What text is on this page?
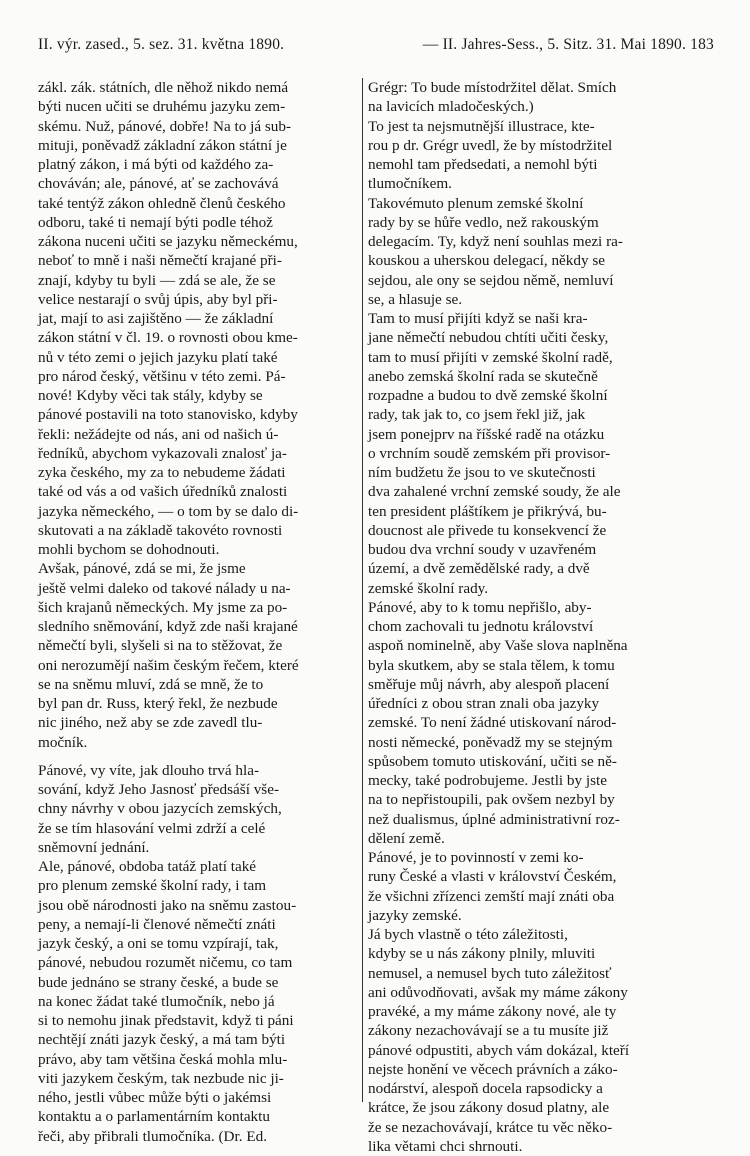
II. výr. zased., 5. sez. 31. května 1890.	— II. Jahres-Sess., 5. Sitz. 31. Mai 1890. 183
zákl. zák. státních, dle něhož nikdo nemá
býti nucen učiti se druhému jazyku zem-
skému. Nuž, pánové, dobře! Na to já sub-
mituji, poněvadž základní zákon státní je
platný zákon, i má býti od každého za-
chováván; ale, pánové, ať se zachovává
také tentýž zákon ohledně členů českého
odboru, také ti nemají býti podle téhož
zákona nuceni učiti se jazyku německému,
neboť to mně i naši němečtí krajané při-
znají, kdyby tu byli — zdá se ale, že se
velice nestarají o svůj úpis, aby byl při-
jat, mají to asi zajištěno — že základní
zákon státní v čl. 19. o rovnosti obou kme-
nů v této zemi o jejich jazyku platí také
pro národ český, většinu v této zemi. Pá-
nové! Kdyby věci tak stály, kdyby se
pánové postavili na toto stanovisko, kdyby
řekli: nežádejte od nás, ani od našich ú-
ředníků, abychom vykazovali znalosť ja-
zyka českého, my za to nebudeme žádati
také od vás a od vašich úředníků znalosti
jazyka německého, — o tom by se dalo di-
skutovati a na základě takovéto rovnosti
mohli bychom se dohodnouti.
Avšak, pánové, zdá se mi, že jsme
ještě velmi daleko od takové nálady u na-
šich krajanů německých. My jsme za po-
sledního sněmování, když zde naši krajané
němečtí byli, slyšeli si na to stěžovat, že
oni nerozumějí našim českým řečem, které
se na sněmu mluví, zdá se mně, že to
byl pan dr. Russ, který řekl, že nezbude
nic jiného, než aby se zde zavedl tlu-
močník.
Pánové, vy víte, jak dlouho trvá hla-
sování, když Jeho Jasnosť předsáší vše-
chny návrhy v obou jazycích zemských,
že se tím hlasování velmi zdrží a celé
sněmovní jednání.
Ale, pánové, obdoba tatáž platí také
pro plenum zemské školní rady, i tam
jsou obě národnosti jako na sněmu zastou-
peny, a nemají-li členové němečtí znáti
jazyk český, a oni se tomu vzpírají, tak,
pánové, nebudou rozumět ničemu, co tam
bude jednáno se strany české, a bude se
na konec žádat také tlumočník, nebo já
si to nemohu jinak představit, když ti páni
nechtějí znáti jazyk český, a má tam býti
právo, aby tam většina česká mohla mlu-
viti jazykem českým, tak nezbude nic ji-
ného, jestli vůbec může býti o jakémsi
kontaktu a o parlamentárním kontaktu
řeči, aby přibrali tlumočníka. (Dr. Ed.
Grégr: To bude místodržitel dělat. Smích
na lavicích mladočeských.)
To jest ta nejsmutnější illustrace, kte-
rou p dr. Grégr uvedl, že by místodržitel
nemohl tam předsedati, a nemohl býti
tlumočníkem.
Takovémuto plenum zemské školní
rady by se hůře vedlo, než rakouským
delegacím. Ty, když není souhlas mezi ra-
kouskou a uherskou delegací, někdy se
sejdou, ale ony se sejdou němě, nemluví
se, a hlasuje se.
Tam to musí přijíti když se naši kra-
jane němečtí nebudou chtíti učiti česky,
tam to musí přijíti v zemské školní radě,
anebo zemská školní rada se skutečně
rozpadne a budou to dvě zemské školní
rady, tak jak to, co jsem řekl již, jak
jsem ponejprv na říšské radě na otázku
o vrchním soudě zemském při provisor-
ním budžetu že jsou to ve skutečnosti
dva zahalené vrchní zemské soudy, že ale
ten president pláštíkem je přikrývá, bu-
doucnost ale přivede tu konsekvencí že
budou dva vrchní soudy v uzavřeném
území, a dvě zemědělské rady, a dvě
zemské školní rady.
Pánové, aby to k tomu nepřišlo, aby-
chom zachovali tu jednotu království
aspoň nominelně, aby Vaše slova naplněna
byla skutkem, aby se stala tělem, k tomu
směřuje můj návrh, aby alespoň placení
úředníci z obou stran znali oba jazyky
zemské. To není žádné utiskovaní národ-
nosti německé, poněvadž my se stejným
spůsobem tomuto utiskování, učiti se ně-
mecky, také podrobujeme. Jestli by jste
na to nepřistoupili, pak ovšem nezbyl by
než dualismus, úplné administrativní roz-
dělení země.
Pánové, je to povinností v zemi ko-
runy České a vlasti v království Českém,
že všichni zřízenci zemští mají znáti oba
jazyky zemské.
Já bych vlastně o této záležitosti,
kdyby se u nás zákony plnily, mluviti
nemusel, a nemusel bych tuto záležitosť
ani odůvodňovati, avšak my máme zákony
pravéké, a my máme zákony nové, ale ty
zákony nezachovávají se a tu musíte již
pánové odpustiti, abych vám dokázal, kteří
nejste honění ve věcech právních a záko-
nodárství, alespoň docela rapsodicky a
krátce, že jsou zákony dosud platny, ale
že se nezachovávají, krátce tu věc něko-
lika větami chci shrnouti.
